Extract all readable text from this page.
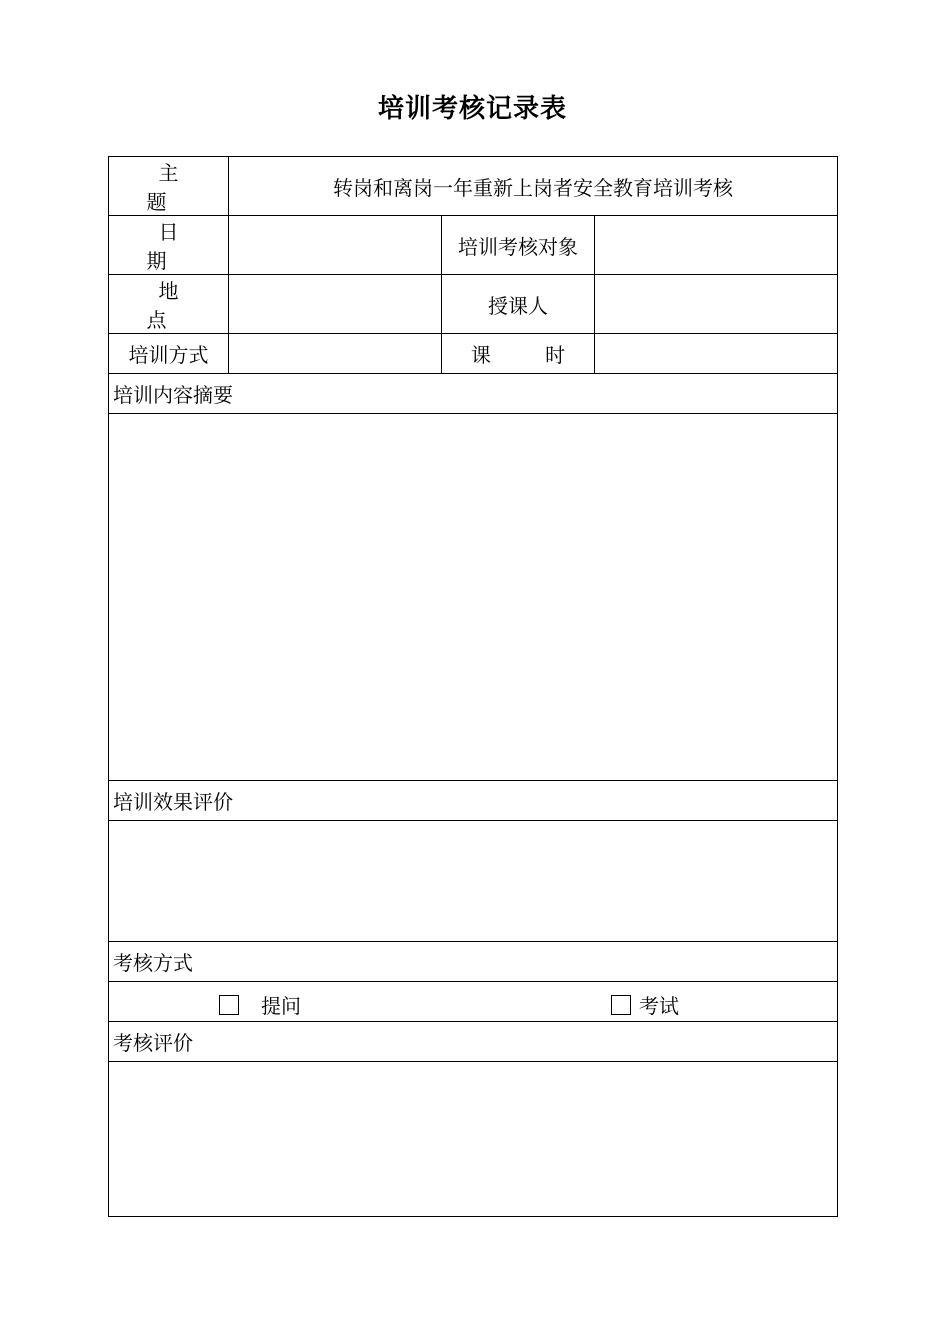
培训考核记录表
主 题	转岗和离岗一年重新上岗者安全教育培训考核		
日 期		培训考核对象	
地 点		授课人	
培训方式		课 时	
培训内容摘要			

培训效果评价			

考核方式			

提问 考试			

考核评价			
